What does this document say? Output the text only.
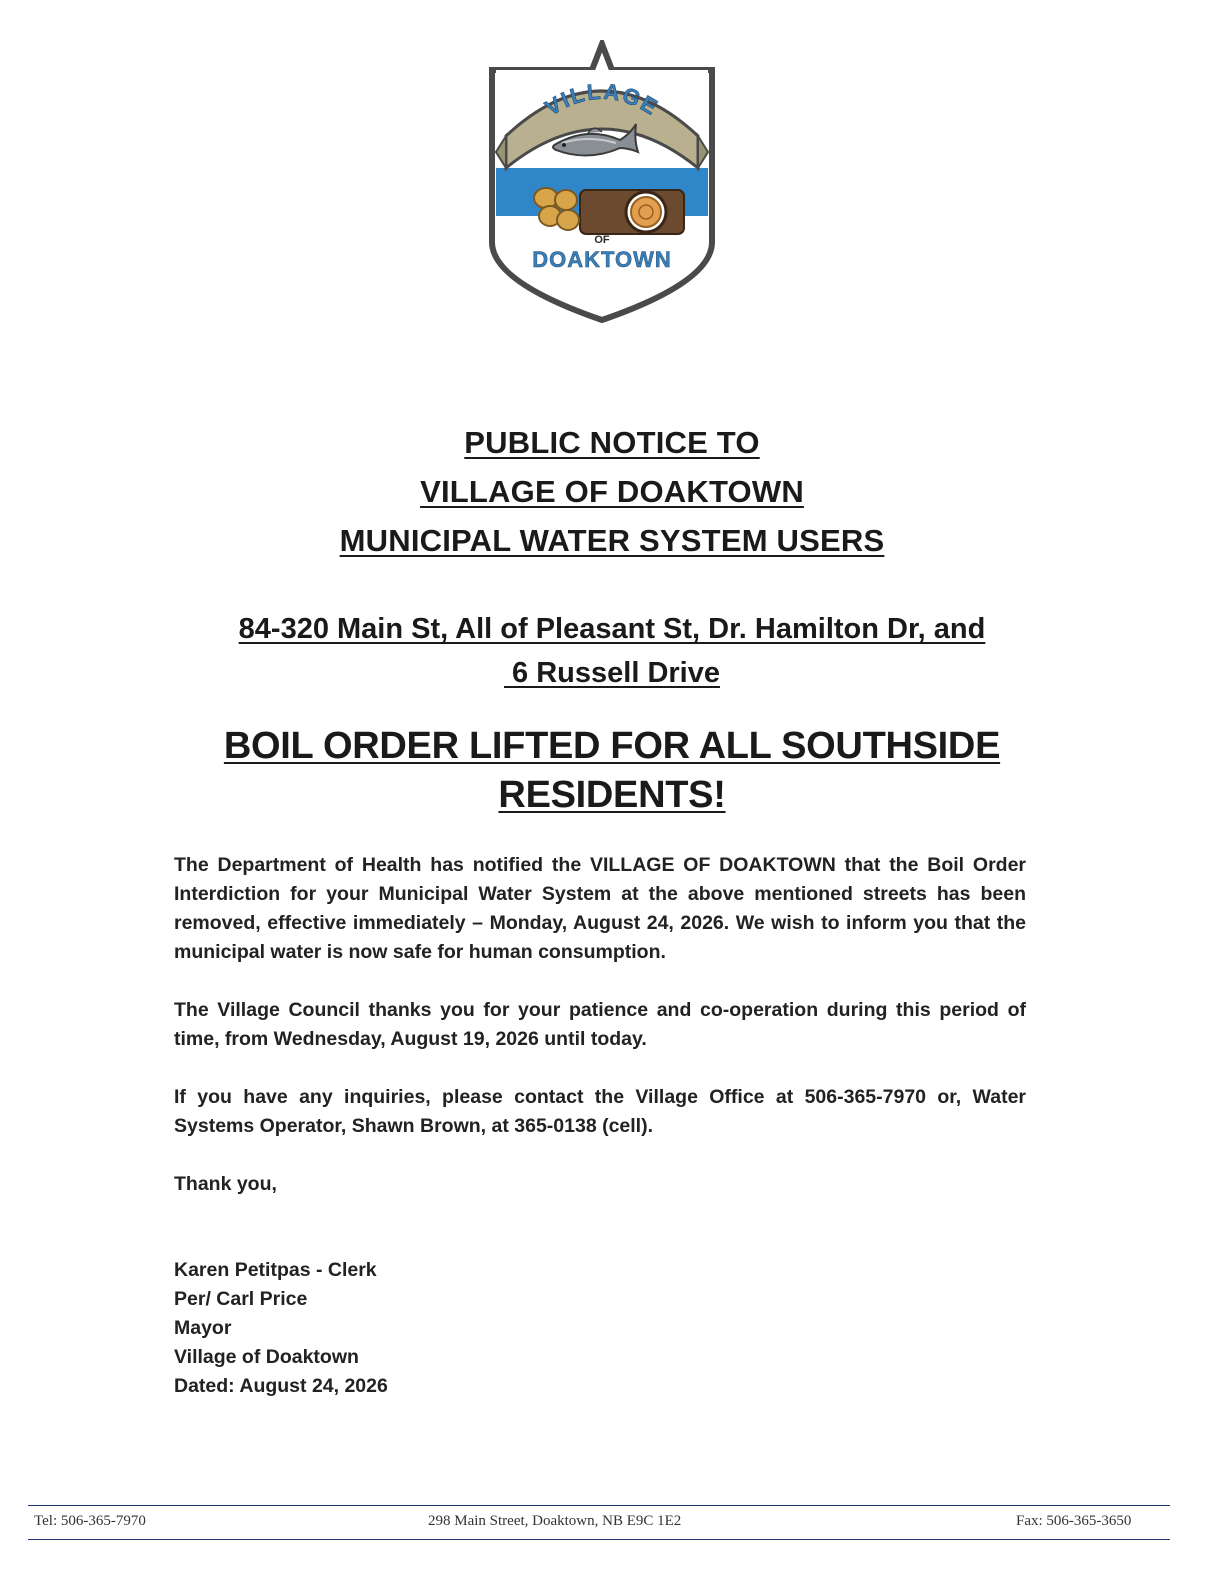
VILLAGE
OF
DOAKTOWN
PUBLIC NOTICE TO
VILLAGE OF DOAKTOWN
MUNICIPAL WATER SYSTEM USERS
84-320 Main St, All of Pleasant St, Dr. Hamilton Dr, and
6 Russell Drive
BOIL ORDER LIFTED FOR ALL SOUTHSIDE
RESIDENTS!

The Department of Health has notified the VILLAGE OF DOAKTOWN that the Boil Order Interdiction for your Municipal Water System at the above mentioned streets has been removed, effective immediately – Monday, August 24, 2026. We wish to inform you that the municipal water is now safe for human consumption.

The Village Council thanks you for your patience and co-operation during this period of time, from Wednesday, August 19, 2026 until today.

If you have any inquiries, please contact the Village Office at 506-365-7970 or, Water Systems Operator, Shawn Brown, at 365-0138 (cell).

Thank you,

Karen Petitpas - Clerk
Per/ Carl Price
Mayor
Village of Doaktown
Dated: August 24, 2026
Tel: 506-365-7970	298 Main Street, Doaktown, NB E9C 1E2	Fax: 506-365-3650
